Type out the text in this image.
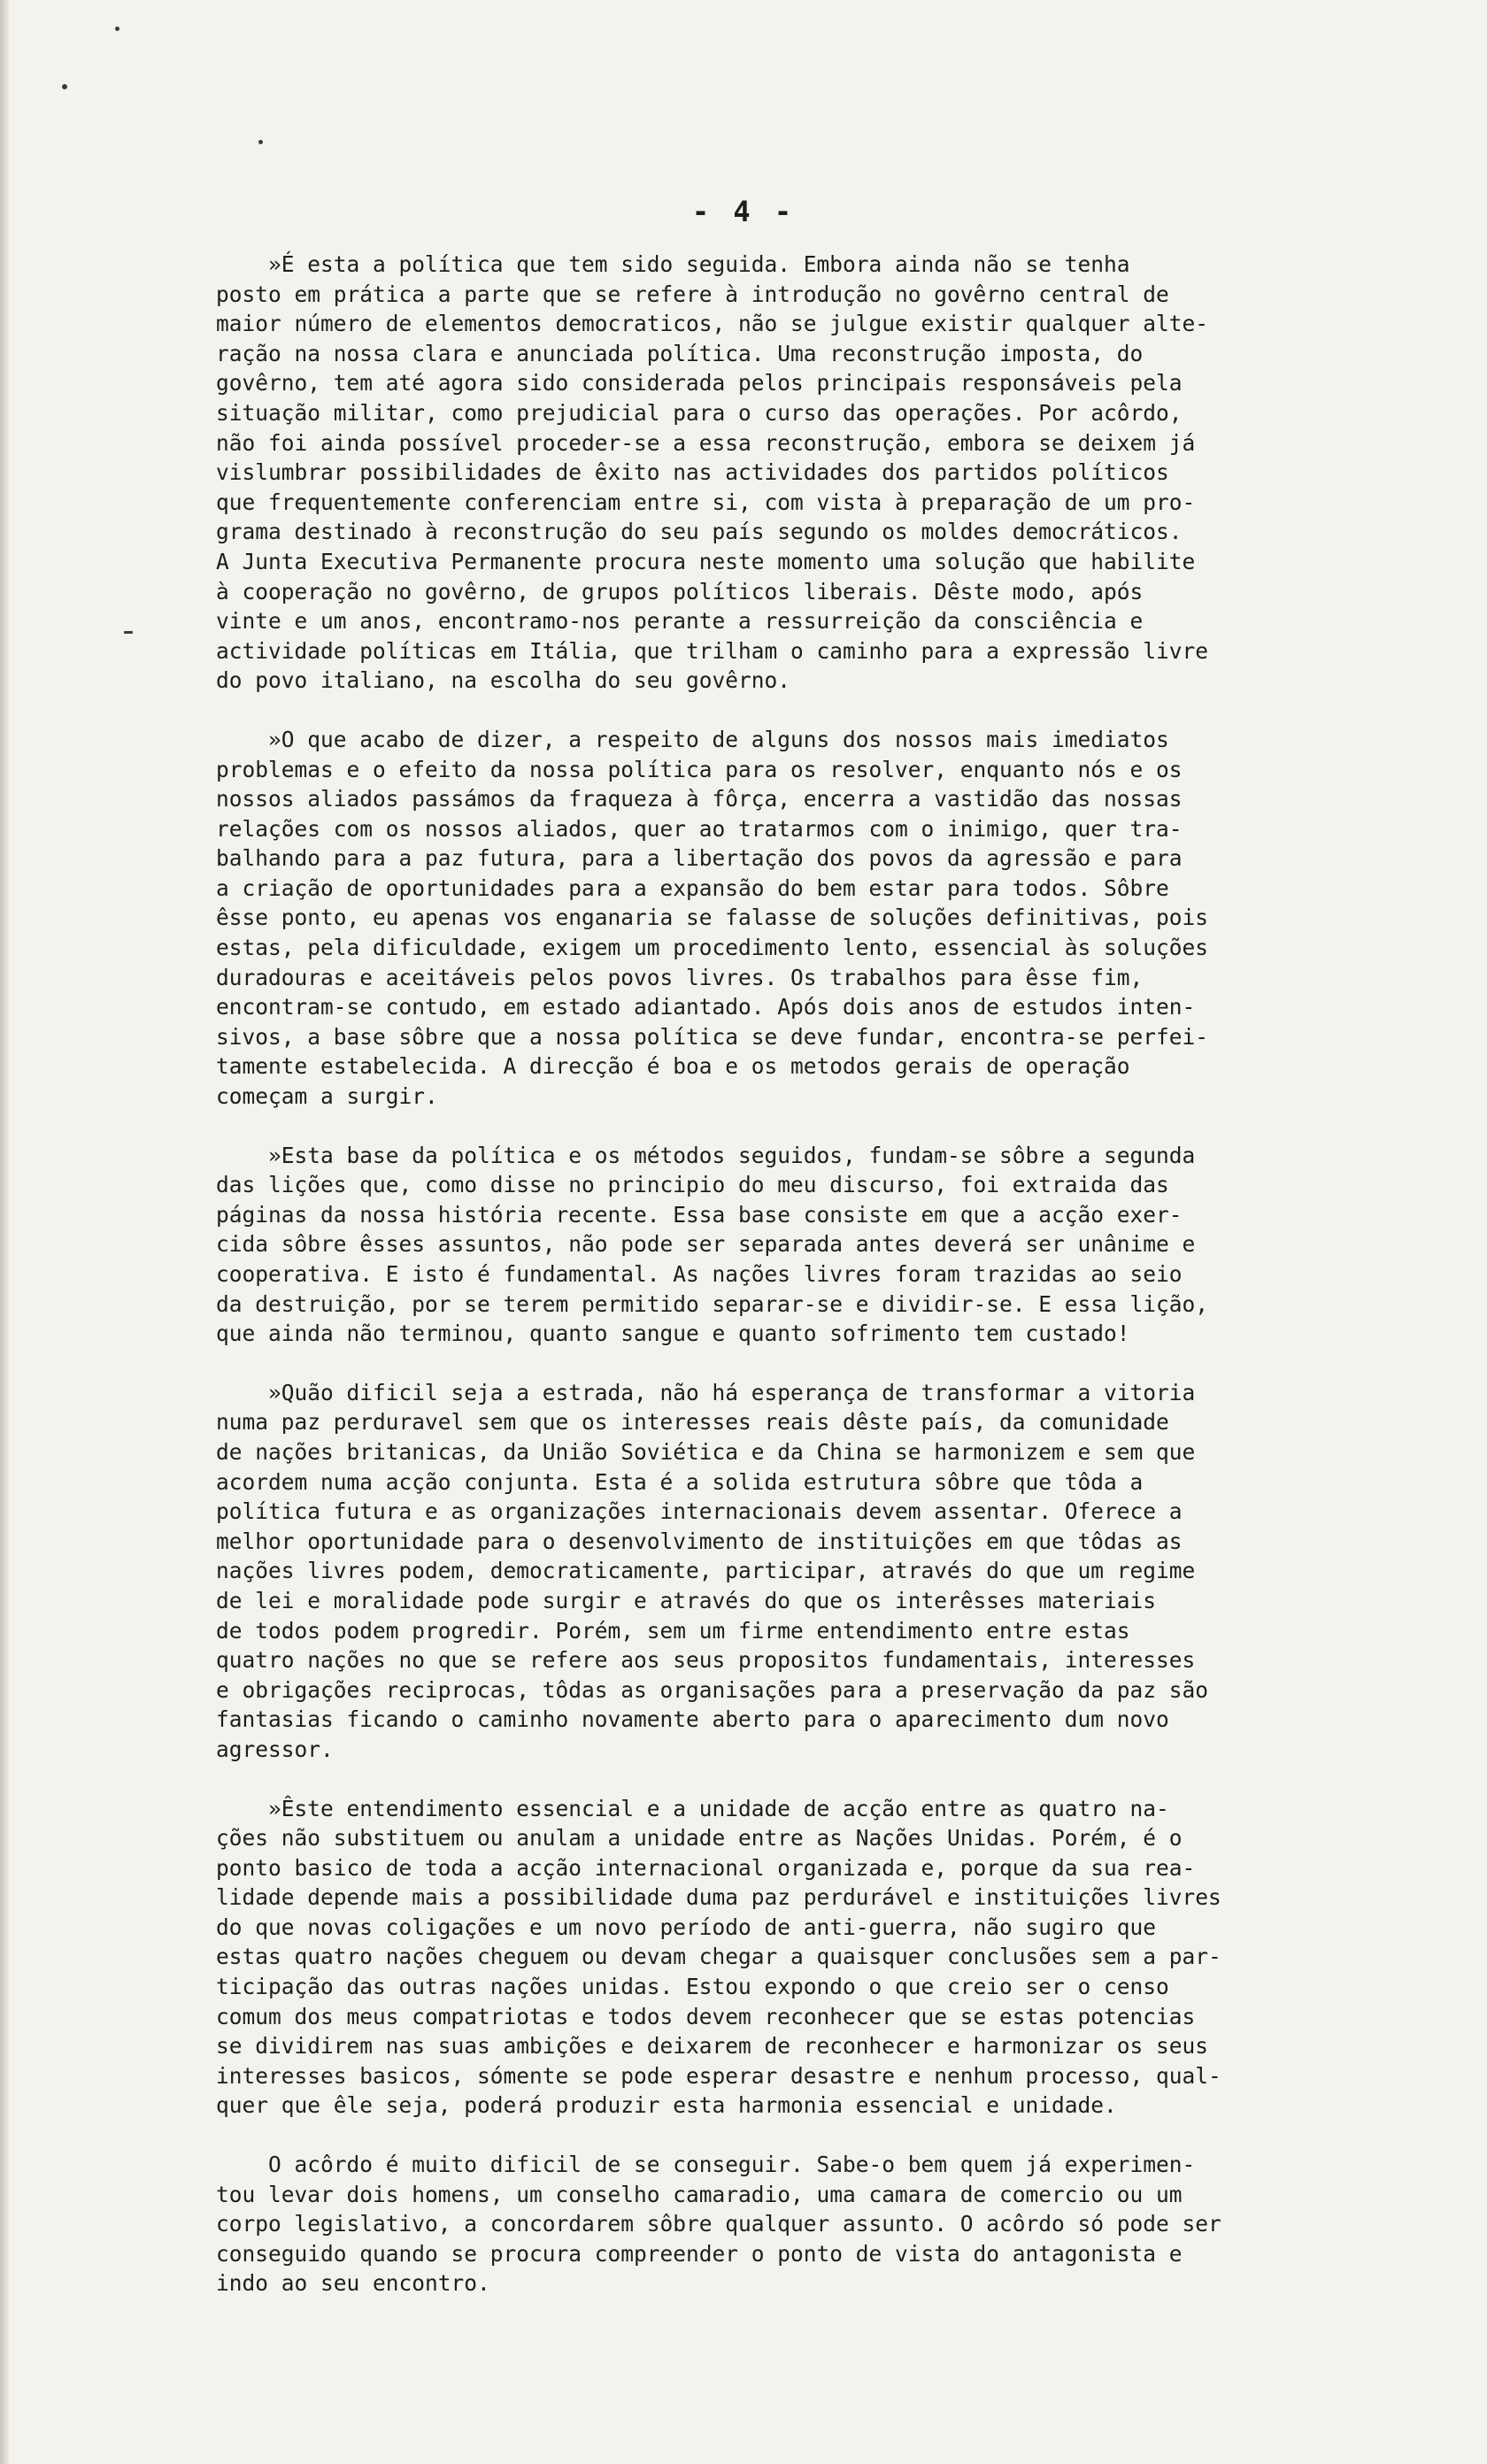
- 4 -
»É esta a política que tem sido seguida. Embora ainda não se tenha
posto em prática a parte que se refere à introdução no govêrno central de
maior número de elementos democraticos, não se julgue existir qualquer alte-
ração na nossa clara e anunciada política. Uma reconstrução imposta, do
govêrno, tem até agora sido considerada pelos principais responsáveis pela
situação militar, como prejudicial para o curso das operações. Por acôrdo,
não foi ainda possível proceder-se a essa reconstrução, embora se deixem já
vislumbrar possibilidades de êxito nas actividades dos partidos políticos
que frequentemente conferenciam entre si, com vista à preparação de um pro-
grama destinado à reconstrução do seu país segundo os moldes democráticos.
A Junta Executiva Permanente procura neste momento uma solução que habilite
à cooperação no govêrno, de grupos políticos liberais. Dêste modo, após
vinte e um anos, encontramo-nos perante a ressurreição da consciência e
actividade políticas em Itália, que trilham o caminho para a expressão livre
do povo italiano, na escolha do seu govêrno.
»O que acabo de dizer, a respeito de alguns dos nossos mais imediatos
problemas e o efeito da nossa política para os resolver, enquanto nós e os
nossos aliados passámos da fraqueza à fôrça, encerra a vastidão das nossas
relações com os nossos aliados, quer ao tratarmos com o inimigo, quer tra-
balhando para a paz futura, para a libertação dos povos da agressão e para
a criação de oportunidades para a expansão do bem estar para todos. Sôbre
êsse ponto, eu apenas vos enganaria se falasse de soluções definitivas, pois
estas, pela dificuldade, exigem um procedimento lento, essencial às soluções
duradouras e aceitáveis pelos povos livres. Os trabalhos para êsse fim,
encontram-se contudo, em estado adiantado. Após dois anos de estudos inten-
sivos, a base sôbre que a nossa política se deve fundar, encontra-se perfei-
tamente estabelecida. A direcção é boa e os metodos gerais de operação
começam a surgir.
»Esta base da política e os métodos seguidos, fundam-se sôbre a segunda
das lições que, como disse no principio do meu discurso, foi extraida das
páginas da nossa história recente. Essa base consiste em que a acção exer-
cida sôbre êsses assuntos, não pode ser separada antes deverá ser unânime e
cooperativa. E isto é fundamental. As nações livres foram trazidas ao seio
da destruição, por se terem permitido separar-se e dividir-se. E essa lição,
que ainda não terminou, quanto sangue e quanto sofrimento tem custado!
»Quão dificil seja a estrada, não há esperança de transformar a vitoria
numa paz perduravel sem que os interesses reais dêste país, da comunidade
de nações britanicas, da União Soviética e da China se harmonizem e sem que
acordem numa acção conjunta. Esta é a solida estrutura sôbre que tôda a
política futura e as organizações internacionais devem assentar. Oferece a
melhor oportunidade para o desenvolvimento de instituições em que tôdas as
nações livres podem, democraticamente, participar, através do que um regime
de lei e moralidade pode surgir e através do que os interêsses materiais
de todos podem progredir. Porém, sem um firme entendimento entre estas
quatro nações no que se refere aos seus propositos fundamentais, interesses
e obrigações reciprocas, tôdas as organisações para a preservação da paz são
fantasias ficando o caminho novamente aberto para o aparecimento dum novo
agressor.
»Êste entendimento essencial e a unidade de acção entre as quatro na-
ções não substituem ou anulam a unidade entre as Nações Unidas. Porém, é o
ponto basico de toda a acção internacional organizada e, porque da sua rea-
lidade depende mais a possibilidade duma paz perdurável e instituições livres
do que novas coligações e um novo período de anti-guerra, não sugiro que
estas quatro nações cheguem ou devam chegar a quaisquer conclusões sem a par-
ticipação das outras nações unidas. Estou expondo o que creio ser o censo
comum dos meus compatriotas e todos devem reconhecer que se estas potencias
se dividirem nas suas ambições e deixarem de reconhecer e harmonizar os seus
interesses basicos, sómente se pode esperar desastre e nenhum processo, qual-
quer que êle seja, poderá produzir esta harmonia essencial e unidade.
O acôrdo é muito dificil de se conseguir. Sabe-o bem quem já experimen-
tou levar dois homens, um conselho camaradio, uma camara de comercio ou um
corpo legislativo, a concordarem sôbre qualquer assunto. O acôrdo só pode ser
conseguido quando se procura compreender o ponto de vista do antagonista e
indo ao seu encontro.
